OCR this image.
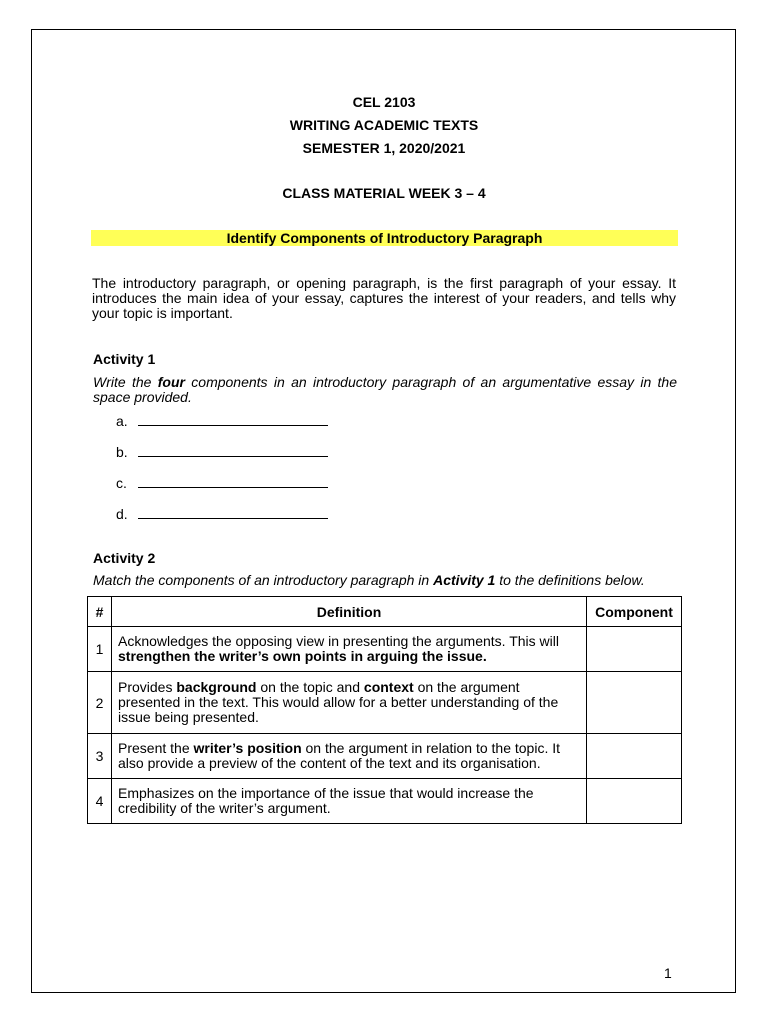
CEL 2103
WRITING ACADEMIC TEXTS
SEMESTER 1, 2020/2021
CLASS MATERIAL WEEK 3 – 4
Identify Components of Introductory Paragraph
The introductory paragraph, or opening paragraph, is the first paragraph of your essay. It introduces the main idea of your essay, captures the interest of your readers, and tells why your topic is important.
Activity 1
Write the four components in an introductory paragraph of an argumentative essay in the space provided.
a.
b.
c.
d.
Activity 2
Match the components of an introductory paragraph in Activity 1 to the definitions below.
#	Definition	Component
1	Acknowledges the opposing view in presenting the arguments. This will strengthen the writer’s own points in arguing the issue.	
2	Provides background on the topic and context on the argument presented in the text. This would allow for a better understanding of the issue being presented.	
3	Present the writer’s position on the argument in relation to the topic. It also provide a preview of the content of the text and its organisation.	
4	Emphasizes on the importance of the issue that would increase the credibility of the writer’s argument.	
1
